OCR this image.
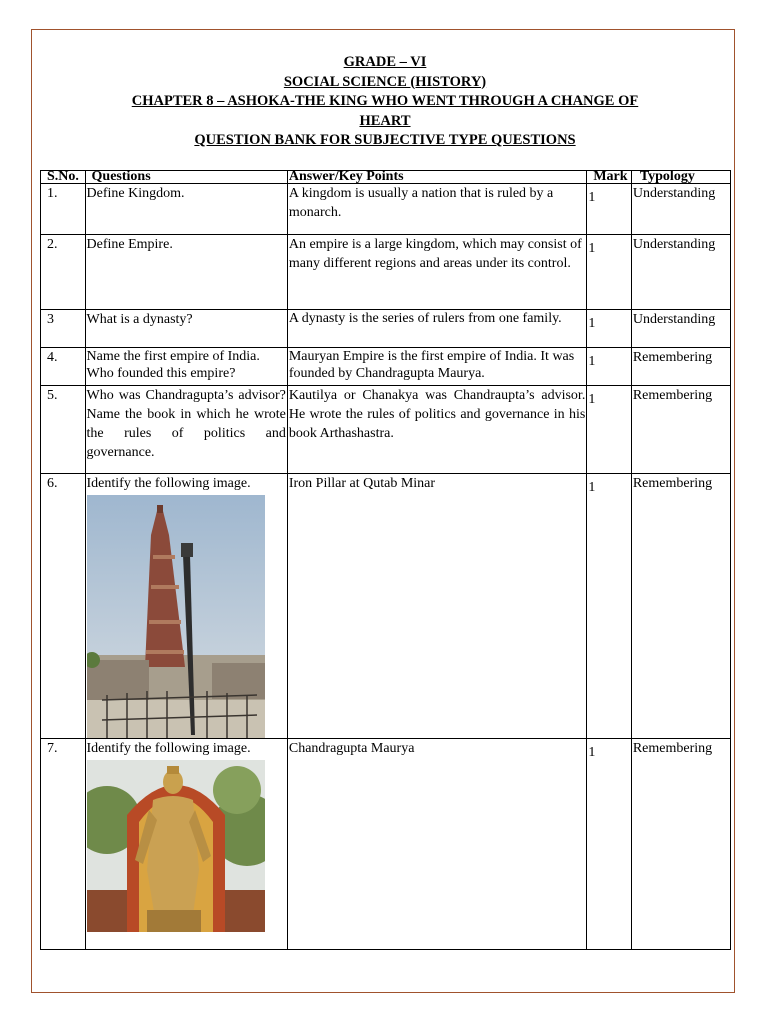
GRADE – VI
SOCIAL SCIENCE (HISTORY)
CHAPTER 8 – ASHOKA-THE KING WHO WENT THROUGH A CHANGE OF
HEART
QUESTION BANK FOR SUBJECTIVE TYPE QUESTIONS
S.No.	Questions	Answer/Key Points	Mark	Typology
1.	Define Kingdom.	A kingdom is usually a nation that is ruled by a monarch.	1	Understanding
2.	Define Empire.	An empire is a large kingdom, which may consist of many different regions and areas under its control.	1	Understanding
3	What is a dynasty?	A dynasty is the series of rulers from one family.	1	Understanding
4.	Name the first empire of India. Who founded this empire?	Mauryan Empire is the first empire of India. It was founded by Chandragupta Maurya.	1	Remembering
5.	Who was Chandragupta’s advisor? Name the book in which he wrote the rules of politics and governance.	Kautilya or Chanakya was Chandraupta’s advisor. He wrote the rules of politics and governance in his book Arthashastra.	1	Remembering
6.	Identify the following image.	Iron Pillar at Qutab Minar	1	Remembering
7.	Identify the following image.	Chandragupta Maurya	1	Remembering
